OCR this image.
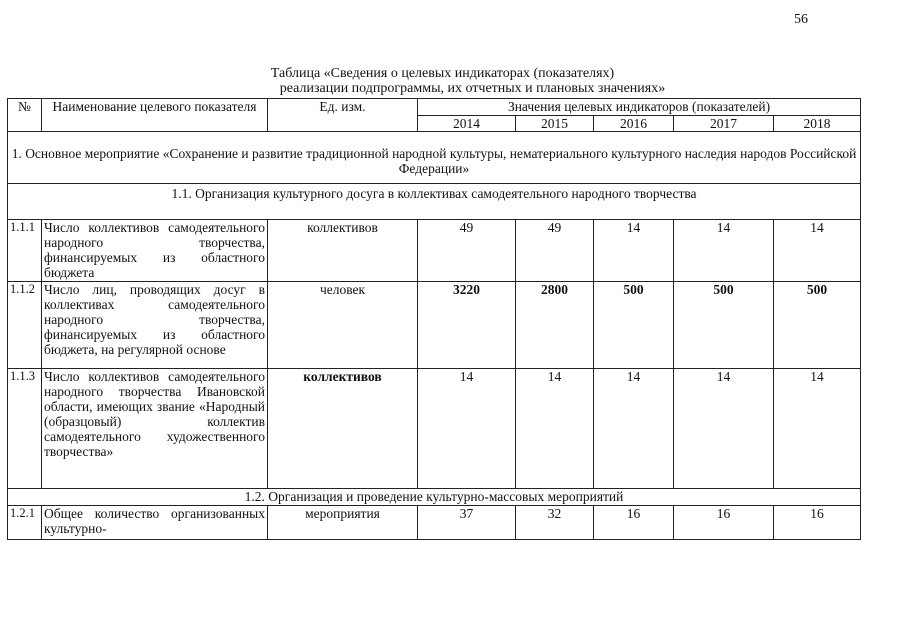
56
Таблица «Сведения о целевых индикаторах (показателях)
реализации подпрограммы, их отчетных и плановых значениях»
№	Наименование целевого показателя	Ед. изм.	Значения целевых индикаторов (показателей)				
			2014	2015	2016	2017	2018
1. Основное мероприятие «Сохранение и развитие традиционной народной культуры, нематериального культурного наследия народов Российской Федерации»							
1.1. Организация культурного досуга в коллективах самодеятельного народного творчества							
1.1.1	Число коллективов самодеятельного народного творчества, финансируемых из областного бюджета	коллективов	49	49	14	14	14
1.1.2	Число лиц, проводящих досуг в коллективах самодеятельного народного творчества, финансируемых из областного бюджета, на регулярной основе	человек	3220	2800	500	500	500
1.1.3	Число коллективов самодеятельного народного творчества Ивановской области, имеющих звание «Народный (образцовый) коллектив самодеятельного художественного творчества»	коллективов	14	14	14	14	14
1.2. Организация и проведение культурно-массовых мероприятий							
1.2.1	Общее количество организованных культурно-	мероприятия	37	32	16	16	16
